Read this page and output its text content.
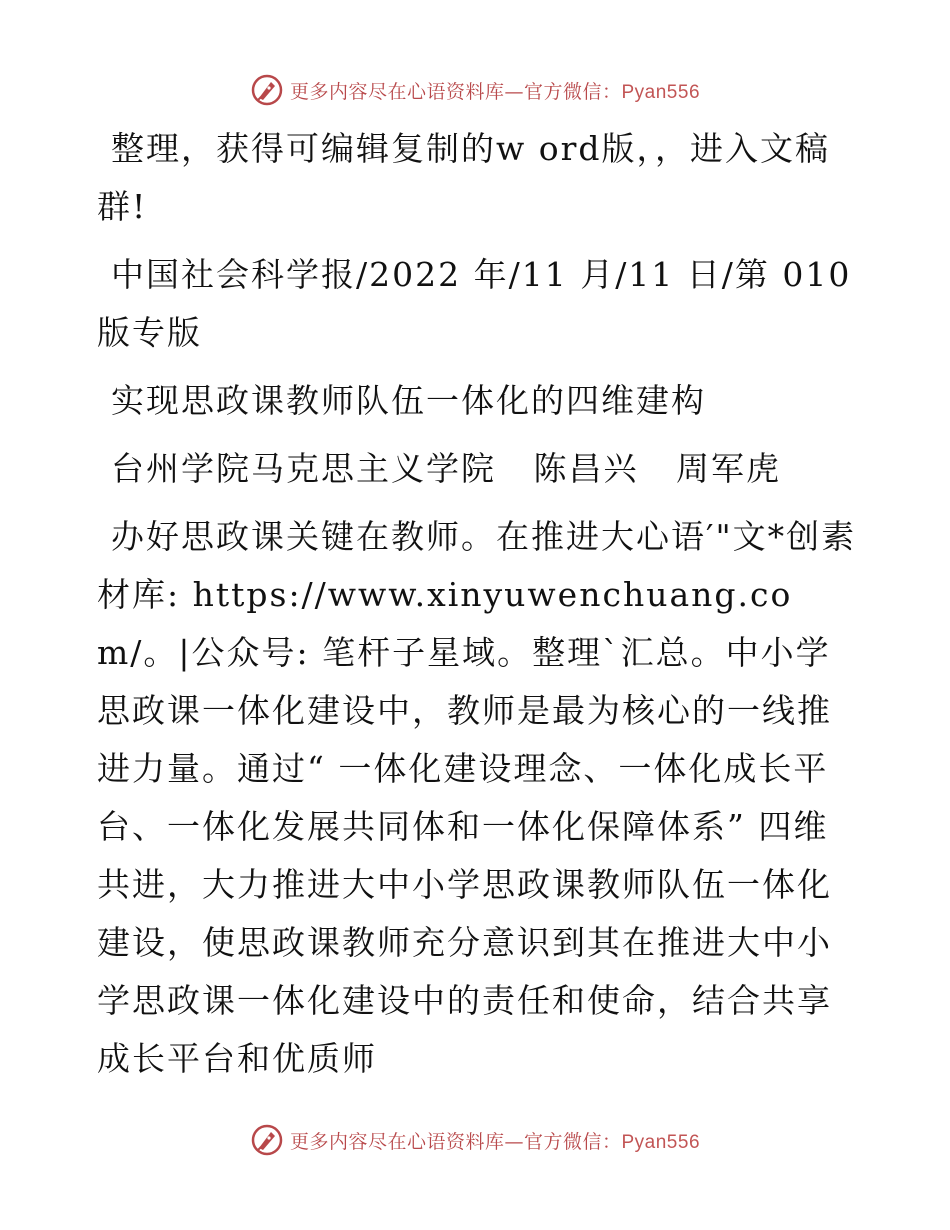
更多内容尽在心语资料库—官方微信：Pyan556

整理，获得可编辑复制的w ord版，，进入文稿群!

中国社会科学报/2022 年/11 月/11 日/第 010 版专版

实现思政课教师队伍一体化的四维建构

台州学院马克思主义学院   陈昌兴   周军虎

办好思政课关键在教师。在推进大心语′"文*创素材库: https://www.xinyuwenchuang.com/。|公众号: 笔杆子星域。整理`汇总。中小学思政课一体化建设中，教师是最为核心的一线推进力量。通过“ 一体化建设理念、一体化成长平台、一体化发展共同体和一体化保障体系” 四维共进，大力推进大中小学思政课教师队伍一体化建设，使思政课教师充分意识到其在推进大中小学思政课一体化建设中的责任和使命，结合共享成长平台和优质师

更多内容尽在心语资料库—官方微信：Pyan556
